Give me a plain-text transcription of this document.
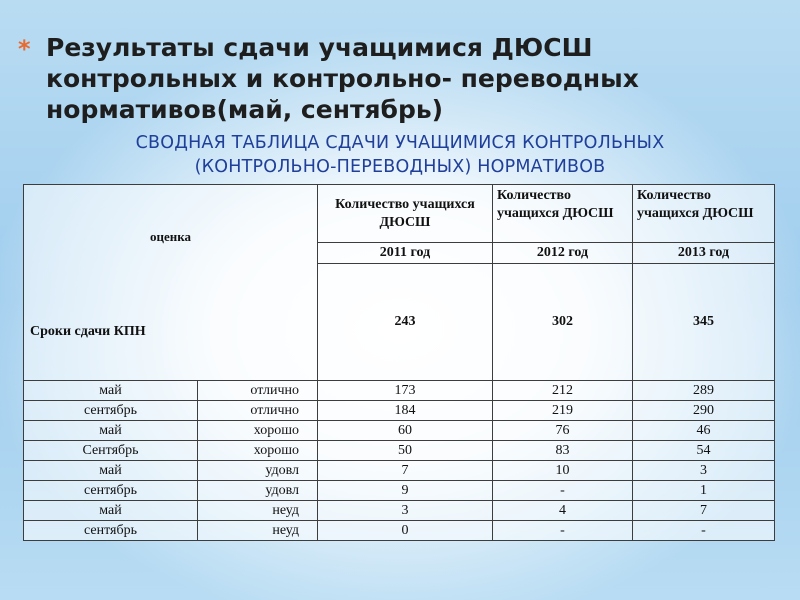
* Результаты сдачи учащимися ДЮСШ контрольных и контрольно- переводных нормативов(май, сентябрь)
СВОДНАЯ ТАБЛИЦА СДАЧИ УЧАЩИМИСЯ КОНТРОЛЬНЫХ
(КОНТРОЛЬНО-ПЕРЕВОДНЫХ) НОРМАТИВОВ
оценка
Сроки сдачи КПН		Количество учащихся ДЮСШ	Количество учащихся ДЮСШ	Количество учащихся ДЮСШ
		2011 год	2012 год	2013 год
		243	302	345
май	отлично	173	212	289
сентябрь	отлично	184	219	290
май	хорошо	60	76	46
Сентябрь	хорошо	50	83	54
май	удовл	7	10	3
сентябрь	удовл	9	-	1
май	неуд	3	4	7
сентябрь	неуд	0	-	-
